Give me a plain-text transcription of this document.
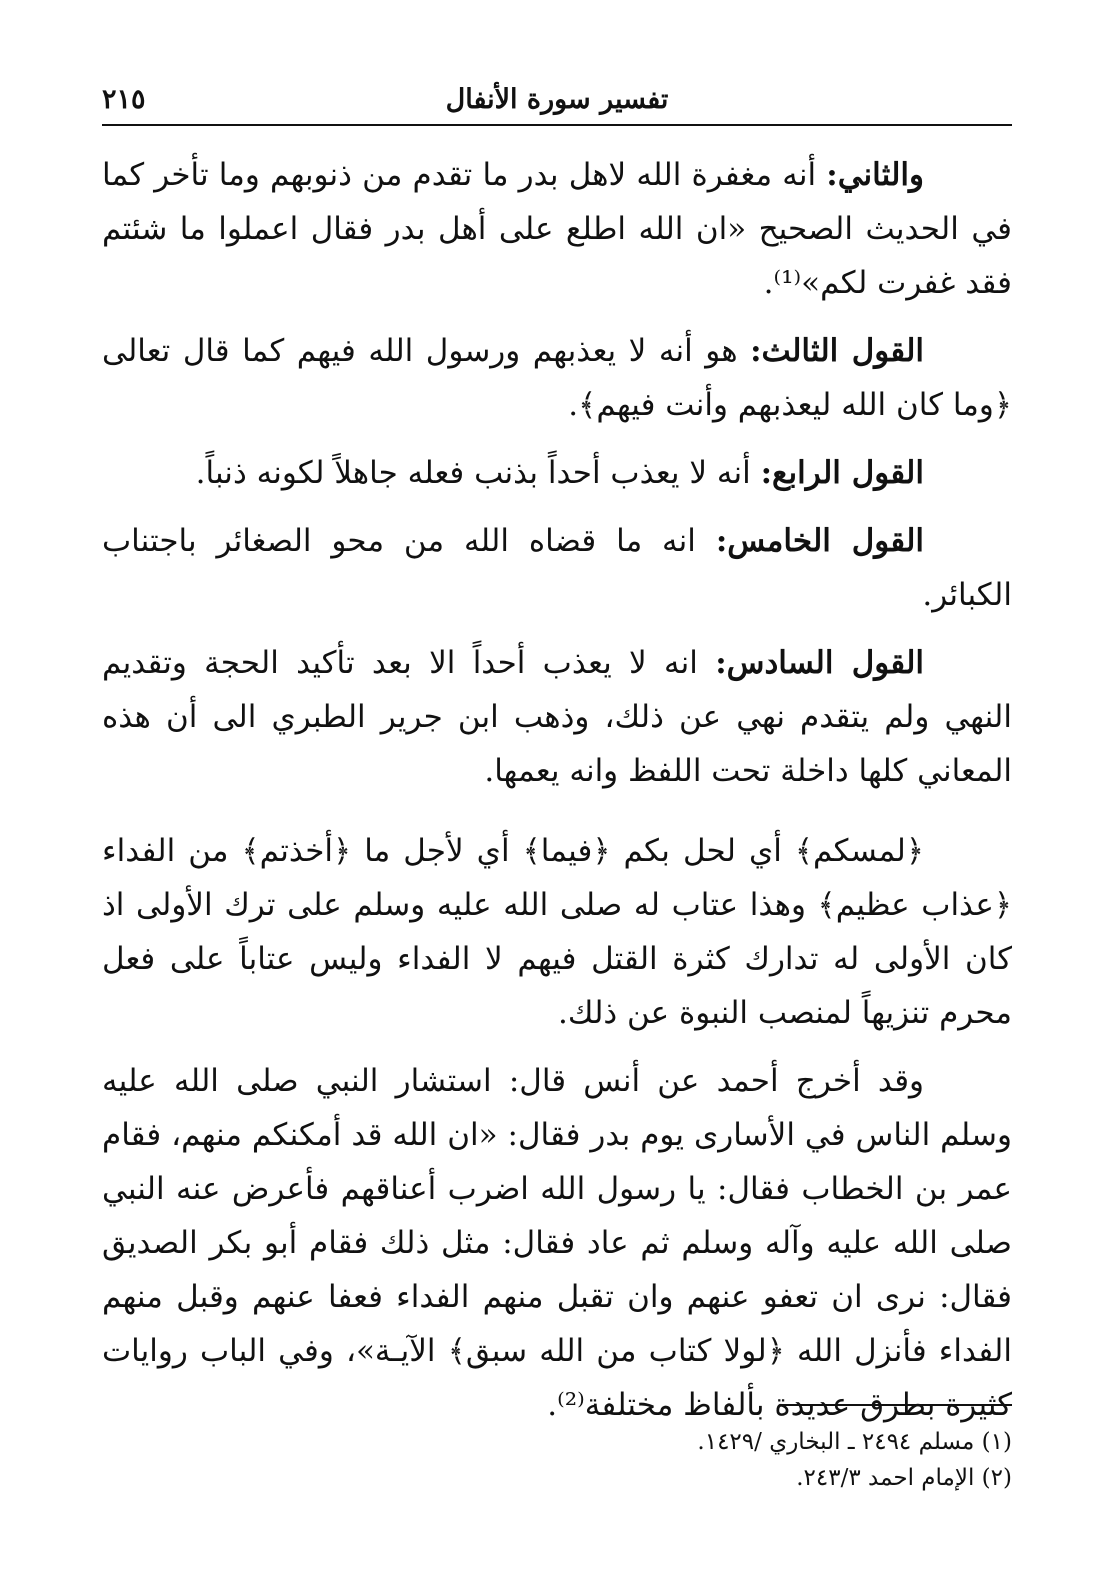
تفسير سورة الأنفال
٢١٥

والثاني: أنه مغفرة الله لاهل بدر ما تقدم من ذنوبهم وما تأخر كما في الحديث الصحيح «ان الله اطلع على أهل بدر فقال اعملوا ما شئتم فقد غفرت لكم»⁽¹⁾.

القول الثالث: هو أنه لا يعذبهم ورسول الله فيهم كما قال تعالى ﴿وما كان الله ليعذبهم وأنت فيهم﴾.

القول الرابع: أنه لا يعذب أحداً بذنب فعله جاهلاً لكونه ذنباً.

القول الخامس: انه ما قضاه الله من محو الصغائر باجتناب الكبائر.

القول السادس: انه لا يعذب أحداً الا بعد تأكيد الحجة وتقديم النهي ولم يتقدم نهي عن ذلك، وذهب ابن جرير الطبري الى أن هذه المعاني كلها داخلة تحت اللفظ وانه يعمها.

﴿لمسكم﴾ أي لحل بكم ﴿فيما﴾ أي لأجل ما ﴿أخذتم﴾ من الفداء ﴿عذاب عظيم﴾ وهذا عتاب له صلى الله عليه وسلم على ترك الأولى اذ كان الأولى له تدارك كثرة القتل فيهم لا الفداء وليس عتاباً على فعل محرم تنزيهاً لمنصب النبوة عن ذلك.

وقد أخرج أحمد عن أنس قال: استشار النبي صلى الله عليه وسلم الناس في الأسارى يوم بدر فقال: «ان الله قد أمكنكم منهم، فقام عمر بن الخطاب فقال: يا رسول الله اضرب أعناقهم فأعرض عنه النبي صلى الله عليه وآله وسلم ثم عاد فقال: مثل ذلك فقام أبو بكر الصديق فقال: نرى ان تعفو عنهم وان تقبل منهم الفداء فعفا عنهم وقبل منهم الفداء فأنزل الله ﴿لولا كتاب من الله سبق﴾ الآيـة»، وفي الباب روايات كثيرة بطرق عديدة بألفاظ مختلفة⁽²⁾.

(١) مسلم ٢٤٩٤ ـ البخاري /١٤٢٩.

(٢) الإمام احمد ٢٤٣/٣.
